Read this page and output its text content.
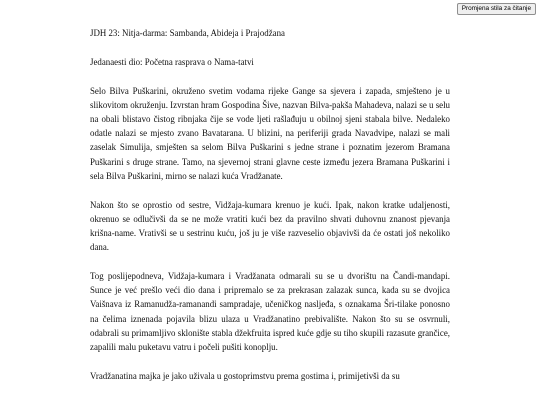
Promjena stila za čitanje
JDH 23: Nitja-darma: Sambanda, Abideja i Prajodžana
Jedanaesti dio: Početna rasprava o Nama-tatvi

Selo Bilva Puškarini, okruženo svetim vodama rijeke Gange sa sjevera i zapada, smješteno je u slikovitom okruženju. Izvrstan hram Gospodina Šive, nazvan Bilva-pakša Mahadeva, nalazi se u selu na obali blistavo čistog ribnjaka čije se vode ljeti rašlađuju u obilnoj sjeni stabala bilve. Nedaleko odatle nalazi se mjesto zvano Bavatarana. U blizini, na periferiji grada Navadvipe, nalazi se mali zaselak Simulija, smješten sa selom Bilva Puškarini s jedne strane i poznatim jezerom Bramana Puškarini s druge strane. Tamo, na sjevernoj strani glavne ceste između jezera Bramana Puškarini i sela Bilva Puškarini, mirno se nalazi kuća Vradžanate.

Nakon što se oprostio od sestre, Vidžaja-kumara krenuo je kući. Ipak, nakon kratke udaljenosti, okrenuo se odlučivši da se ne može vratiti kući bez da pravilno shvati duhovnu znanost pjevanja krišna-name. Vrativši se u sestrinu kuću, još ju je više razveselio objavivši da će ostati još nekoliko dana.

Tog poslijepodneva, Vidžaja-kumara i Vradžanata odmarali su se u dvorištu na Čandi-mandapi. Sunce je već prešlo veći dio dana i pripremalo se za prekrasan zalazak sunca, kada su se dvojica Vaišnava iz Ramanudža-ramanandi sampradaje, učeničkog nasljeđa, s oznakama Šri-tilake ponosno na čelima iznenada pojavila blizu ulaza u Vradžanatino prebivalište. Nakon što su se osvrnuli, odabrali su primamljivo sklonište stabla džekfruita ispred kuće gdje su tiho skupili razasute grančice, zapalili malu puketavu vatru i počeli pušiti konoplju.

Vradžanatina majka je jako uživala u gostoprimstvu prema gostima i, primijetivši da su
